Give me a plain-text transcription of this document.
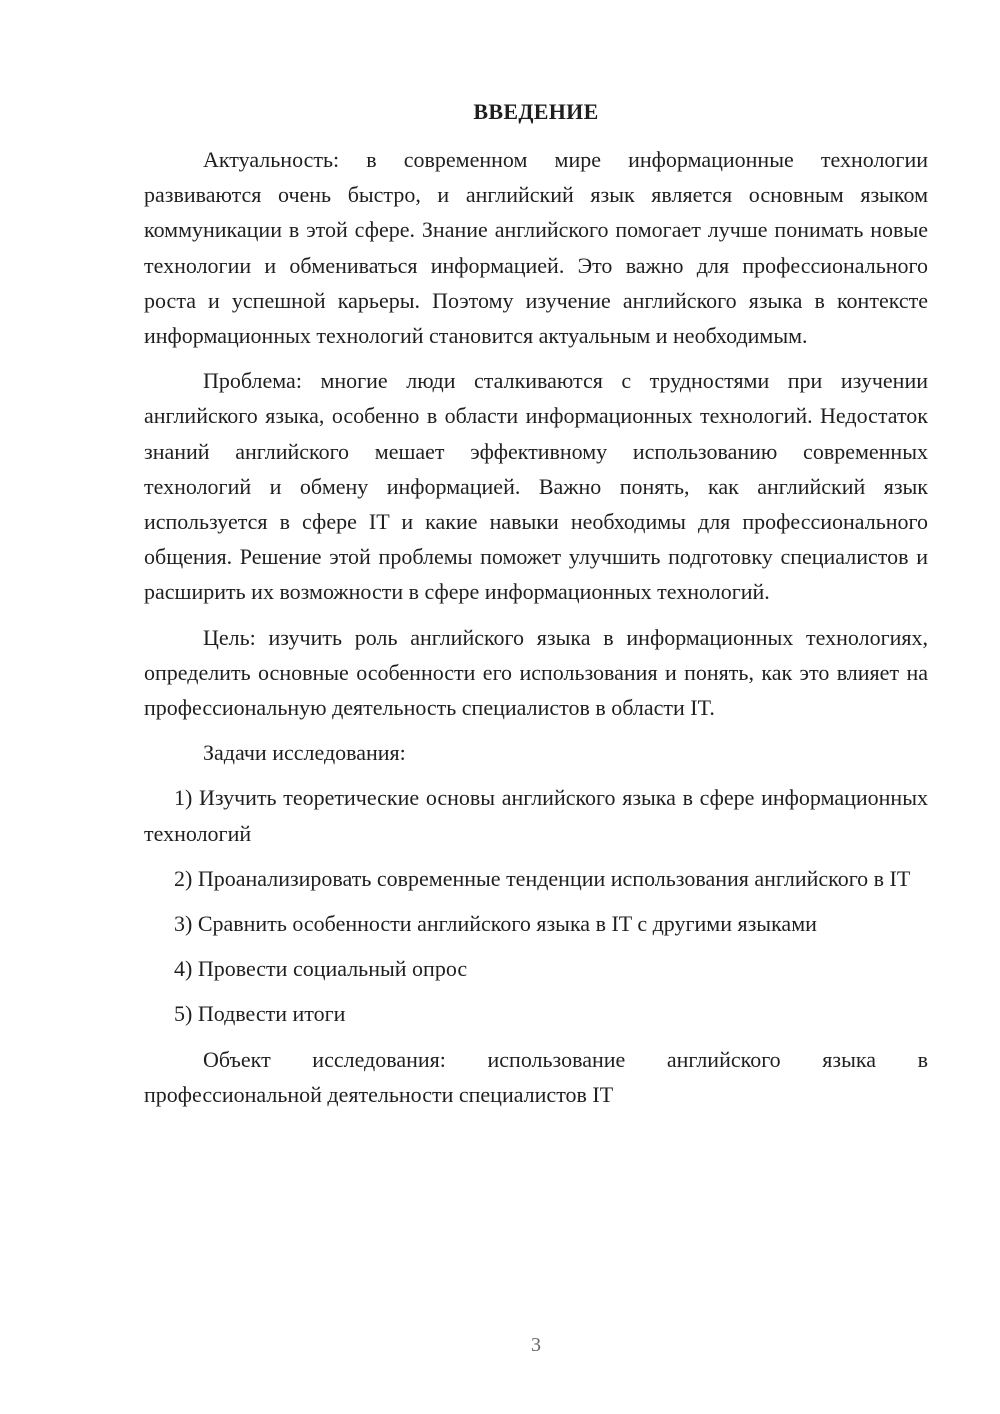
ВВЕДЕНИЕ

Актуальность: в современном мире информационные технологии развиваются очень быстро, и английский язык является основным языком коммуникации в этой сфере. Знание английского помогает лучше понимать новые технологии и обмениваться информацией. Это важно для профессионального роста и успешной карьеры. Поэтому изучение английского языка в контексте информационных технологий становится актуальным и необходимым.

Проблема: многие люди сталкиваются с трудностями при изучении английского языка, особенно в области информационных технологий. Недостаток знаний английского мешает эффективному использованию современных технологий и обмену информацией. Важно понять, как английский язык используется в сфере IT и какие навыки необходимы для профессионального общения. Решение этой проблемы поможет улучшить подготовку специалистов и расширить их возможности в сфере информационных технологий.

Цель: изучить роль английского языка в информационных технологиях, определить основные особенности его использования и понять, как это влияет на профессиональную деятельность специалистов в области IT.

Задачи исследования:

1) Изучить теоретические основы английского языка в сфере информационных технологий

2) Проанализировать современные тенденции использования английского в IT

3) Сравнить особенности английского языка в IT с другими языками

4) Провести социальный опрос

5) Подвести итоги

Объект исследования: использование английского языка в профессиональной деятельности специалистов IT

3
